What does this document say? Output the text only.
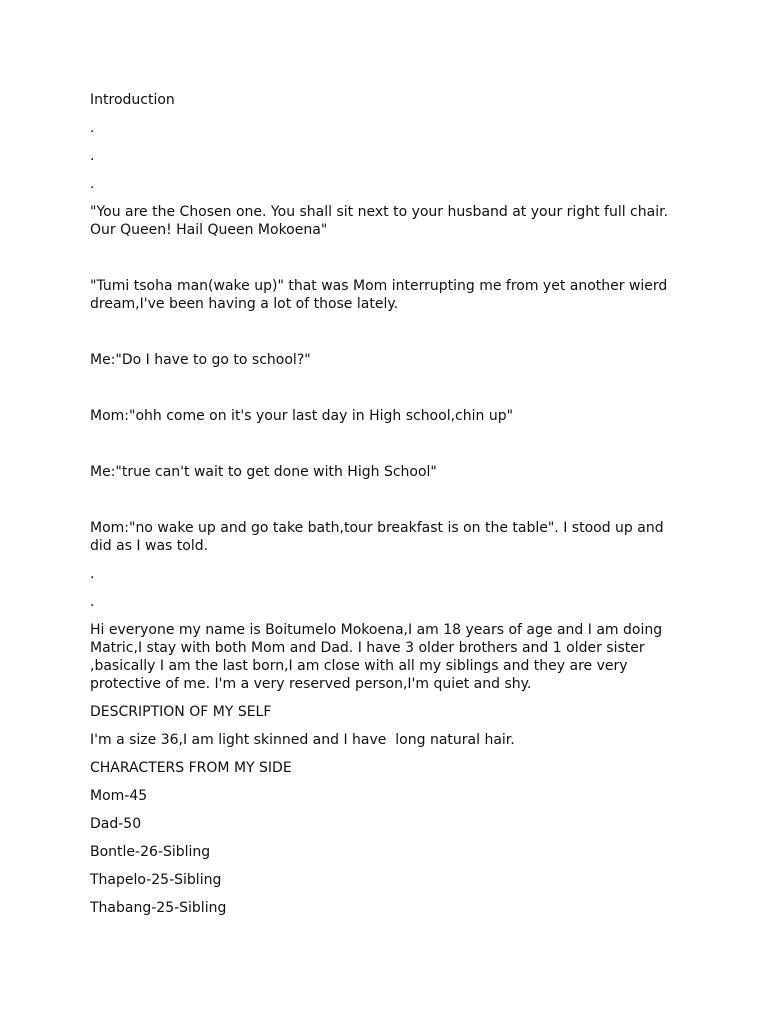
Introduction

.

.

.

"You are the Chosen one. You shall sit next to your husband at your right full chair. Our Queen! Hail Queen Mokoena"

"Tumi tsoha man(wake up)" that was Mom interrupting me from yet another wierd dream,I've been having a lot of those lately.

Me:"Do I have to go to school?"

Mom:"ohh come on it's your last day in High school,chin up"

Me:"true can't wait to get done with High School"

Mom:"no wake up and go take bath,tour breakfast is on the table". I stood up and did as I was told.

.

.

Hi everyone my name is Boitumelo Mokoena,I am 18 years of age and I am doing Matric,I stay with both Mom and Dad. I have 3 older brothers and 1 older sister ,basically I am the last born,I am close with all my siblings and they are very protective of me. I'm a very reserved person,I'm quiet and shy.

DESCRIPTION OF MY SELF

I'm a size 36,I am light skinned and I have  long natural hair.

CHARACTERS FROM MY SIDE

Mom-45

Dad-50

Bontle-26-Sibling

Thapelo-25-Sibling

Thabang-25-Sibling
